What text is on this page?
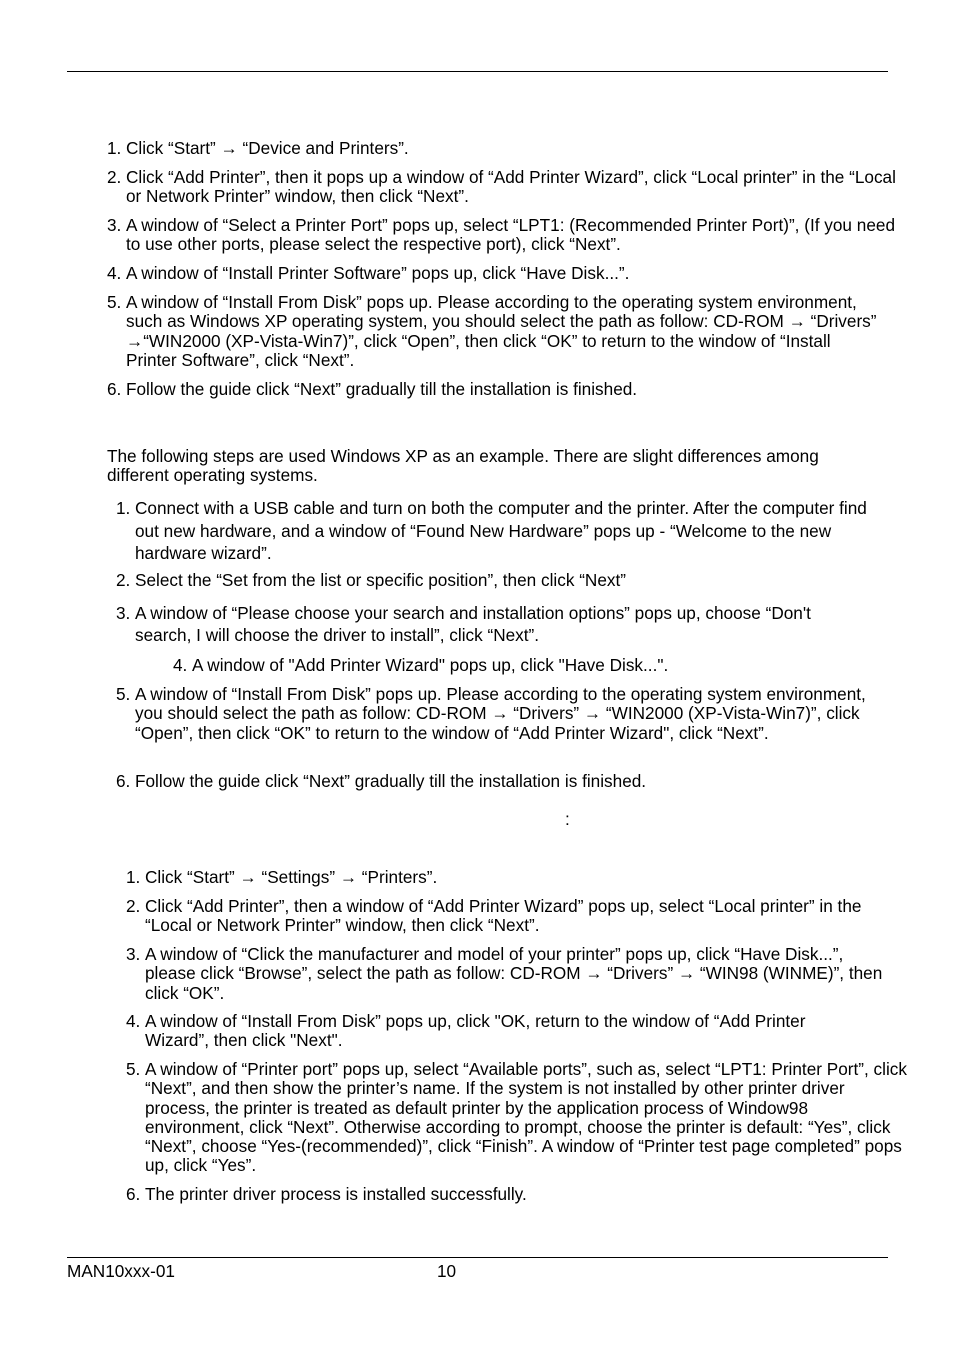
1. Click “Start” → “Device and Printers”.
2. Click “Add Printer”, then it pops up a window of “Add Printer Wizard”, click “Local printer” in the “Local or Network Printer” window, then click “Next”.
3. A window of “Select a Printer Port” pops up, select “LPT1: (Recommended Printer Port)”, (If you need to use other ports, please select the respective port), click “Next”.
4. A window of “Install Printer Software” pops up, click “Have Disk...”.
5. A window of “Install From Disk” pops up. Please according to the operating system environment, such as Windows XP operating system, you should select the path as follow: CD-ROM → “Drivers” →“WIN2000 (XP-Vista-Win7)”, click “Open”, then click “OK” to return to the window of “Install Printer Software”, click “Next”.
6. Follow the guide click “Next” gradually till the installation is finished.

The following steps are used Windows XP as an example. There are slight differences among different operating systems.

1. Connect with a USB cable and turn on both the computer and the printer. After the computer find out new hardware, and a window of “Found New Hardware” pops up - “Welcome to the new hardware wizard”.
2. Select the “Set from the list or specific position”, then click “Next”
3. A window of “Please choose your search and installation options” pops up, choose “Don't search, I will choose the driver to install”, click “Next”.
4. A window of "Add Printer Wizard" pops up, click "Have Disk...".
5. A window of “Install From Disk” pops up. Please according to the operating system environment, you should select the path as follow: CD-ROM → “Drivers” → “WIN2000 (XP-Vista-Win7)”, click “Open”, then click “OK” to return to the window of “Add Printer Wizard", click “Next”.
6. Follow the guide click “Next” gradually till the installation is finished.
:
1. Click “Start” → “Settings” → “Printers”.
2. Click “Add Printer”, then a window of “Add Printer Wizard” pops up, select “Local printer” in the “Local or Network Printer” window, then click “Next”.
3. A window of “Click the manufacturer and model of your printer” pops up, click “Have Disk...”, please click “Browse”, select the path as follow: CD-ROM → “Drivers” → “WIN98 (WINME)”, then click “OK”.
4. A window of “Install From Disk” pops up, click "OK, return to the window of “Add Printer Wizard”, then click "Next".
5. A window of “Printer port” pops up, select “Available ports”, such as, select “LPT1: Printer Port”, click “Next”, and then show the printer’s name. If the system is not installed by other printer driver process, the printer is treated as default printer by the application process of Window98 environment, click “Next”. Otherwise according to prompt, choose the printer is default: “Yes”, click “Next”, choose “Yes-(recommended)”, click “Finish”. A window of “Printer test page completed” pops up, click “Yes”.
6. The printer driver process is installed successfully.
MAN10xxx-01	10
